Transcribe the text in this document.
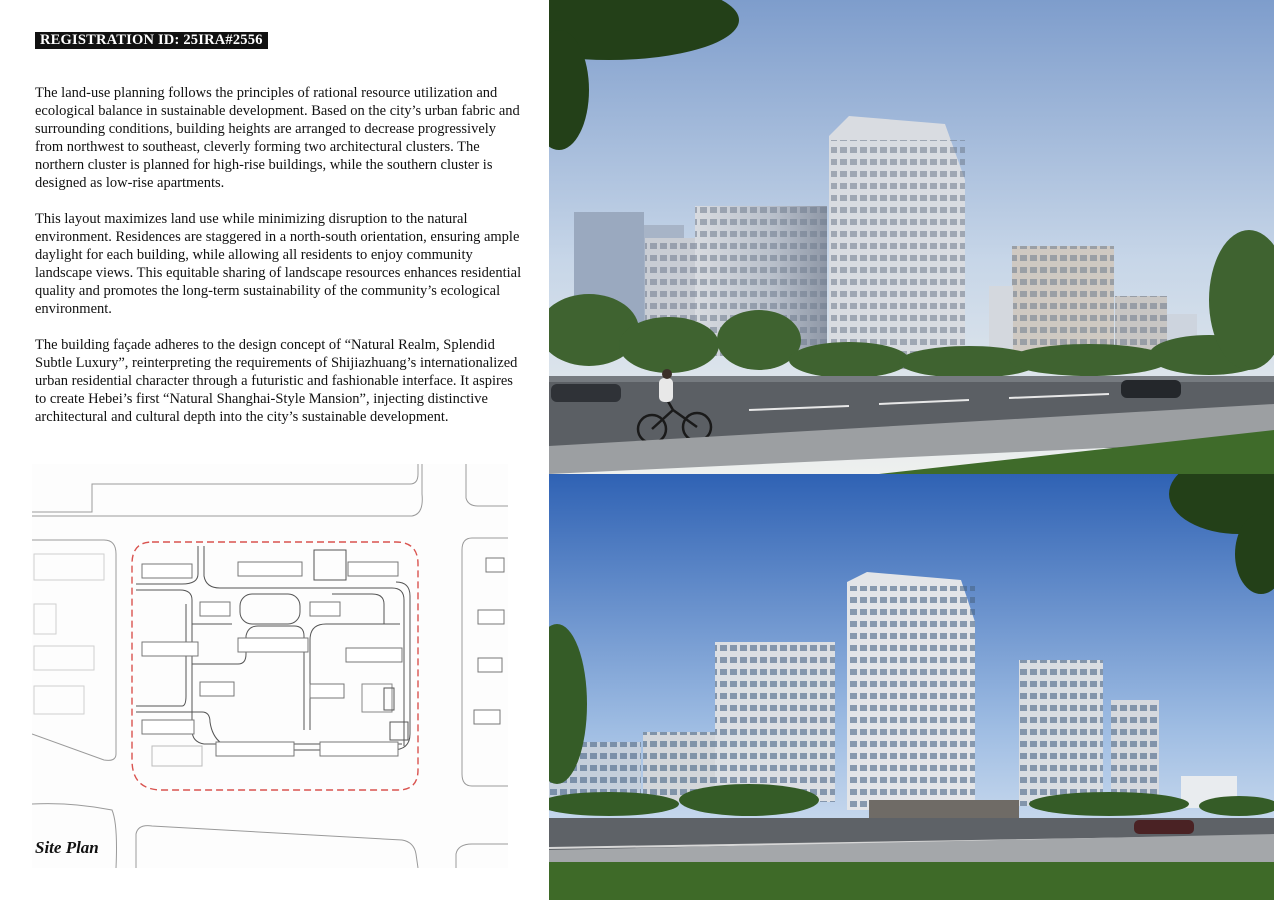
REGISTRATION ID: 25IRA#2556

The land-use planning follows the principles of rational resource utilization and ecological balance in sustainable development. Based on the city’s urban fabric and surrounding conditions, building heights are arranged to decrease progressively from northwest to southeast, cleverly forming two architectural clusters. The northern cluster is planned for high-rise buildings, while the southern cluster is designed as low-rise apartments.

This layout maximizes land use while minimizing disruption to the natural environment. Residences are staggered in a north-south orientation, ensuring ample daylight for each building, while allowing all residents to enjoy community landscape views. This equitable sharing of landscape resources enhances residential quality and promotes the long-term sustainability of the community’s ecological environment.

The building façade adheres to the design concept of “Natural Realm, Splendid Subtle Luxury”, reinterpreting the requirements of Shijiazhuang’s internationalized urban residential character through a futuristic and fashionable interface. It aspires to create Hebei’s first “Natural Shanghai-Style Mansion”, injecting distinctive architectural and cultural depth into the city’s sustainable development.

Site Plan
